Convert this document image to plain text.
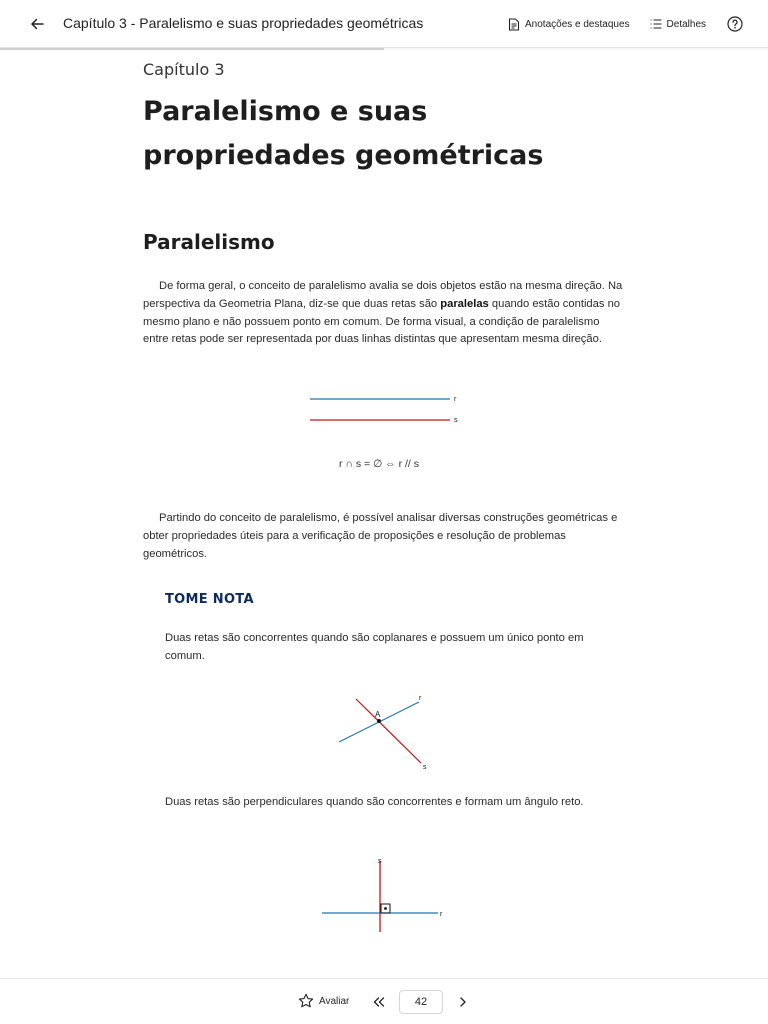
Capítulo 3 - Paralelismo e suas propriedades geométricas	Anotações e destaques	Detalhes
Capítulo 3
Paralelismo e suas propriedades geométricas
Paralelismo

De forma geral, o conceito de paralelismo avalia se dois objetos estão na mesma direção. Na perspectiva da Geometria Plana, diz-se que duas retas são paralelas quando estão contidas no mesmo plano e não possuem ponto em comum. De forma visual, a condição de paralelismo entre retas pode ser representada por duas linhas distintas que apresentam mesma direção.

r
s
r ∩ s = ∅ ⇔ r // s

Partindo do conceito de paralelismo, é possível analisar diversas construções geométricas e obter propriedades úteis para a verificação de proposições e resolução de problemas geométricos.

TOME NOTA

Duas retas são concorrentes quando são coplanares e possuem um único ponto em comum.

A
r
s

Duas retas são perpendiculares quando são concorrentes e formam um ângulo reto.

s
r
Avaliar	42
